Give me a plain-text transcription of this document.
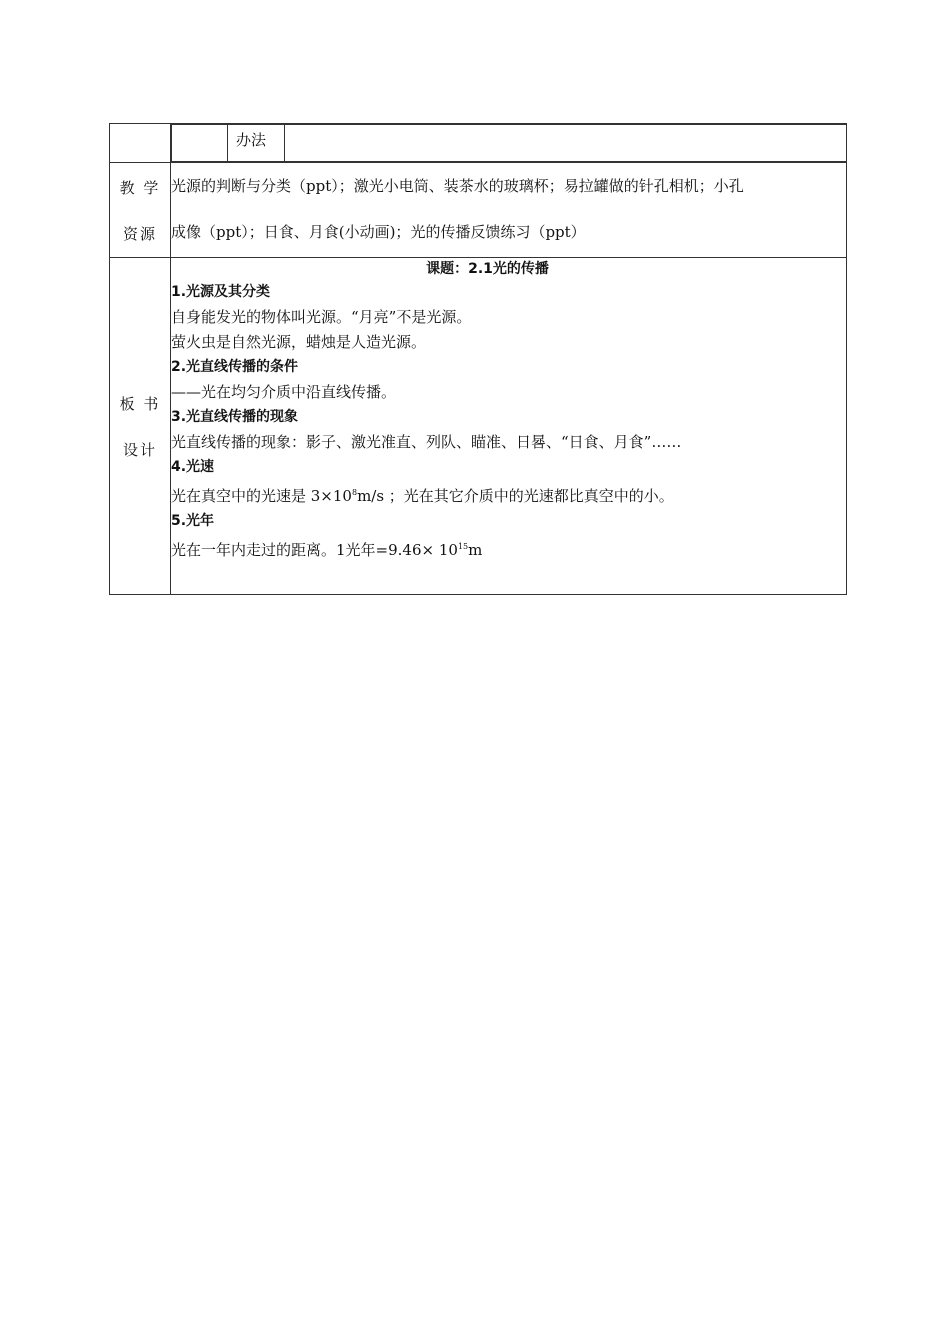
	办法	

教 学
资源

光源的判断与分类（ppt）；激光小电筒、装茶水的玻璃杯；易拉罐做的针孔相机；小孔
成像（ppt）；日食、月食(小动画)；光的传播反馈练习（ppt）

板 书
设计

课题：2.1光的传播
1.光源及其分类
自身能发光的物体叫光源。“月亮”不是光源。
萤火虫是自然光源，蜡烛是人造光源。
2.光直线传播的条件
——光在均匀介质中沿直线传播。
3.光直线传播的现象
光直线传播的现象：影子、激光准直、列队、瞄准、日晷、“日食、月食”……
4.光速
光在真空中的光速是 $3\times 10^8m/s$ ；光在其它介质中的光速都比真空中的小。
5.光年
光在一年内走过的距离。1光年$=9.46\times 10^{15}m$
